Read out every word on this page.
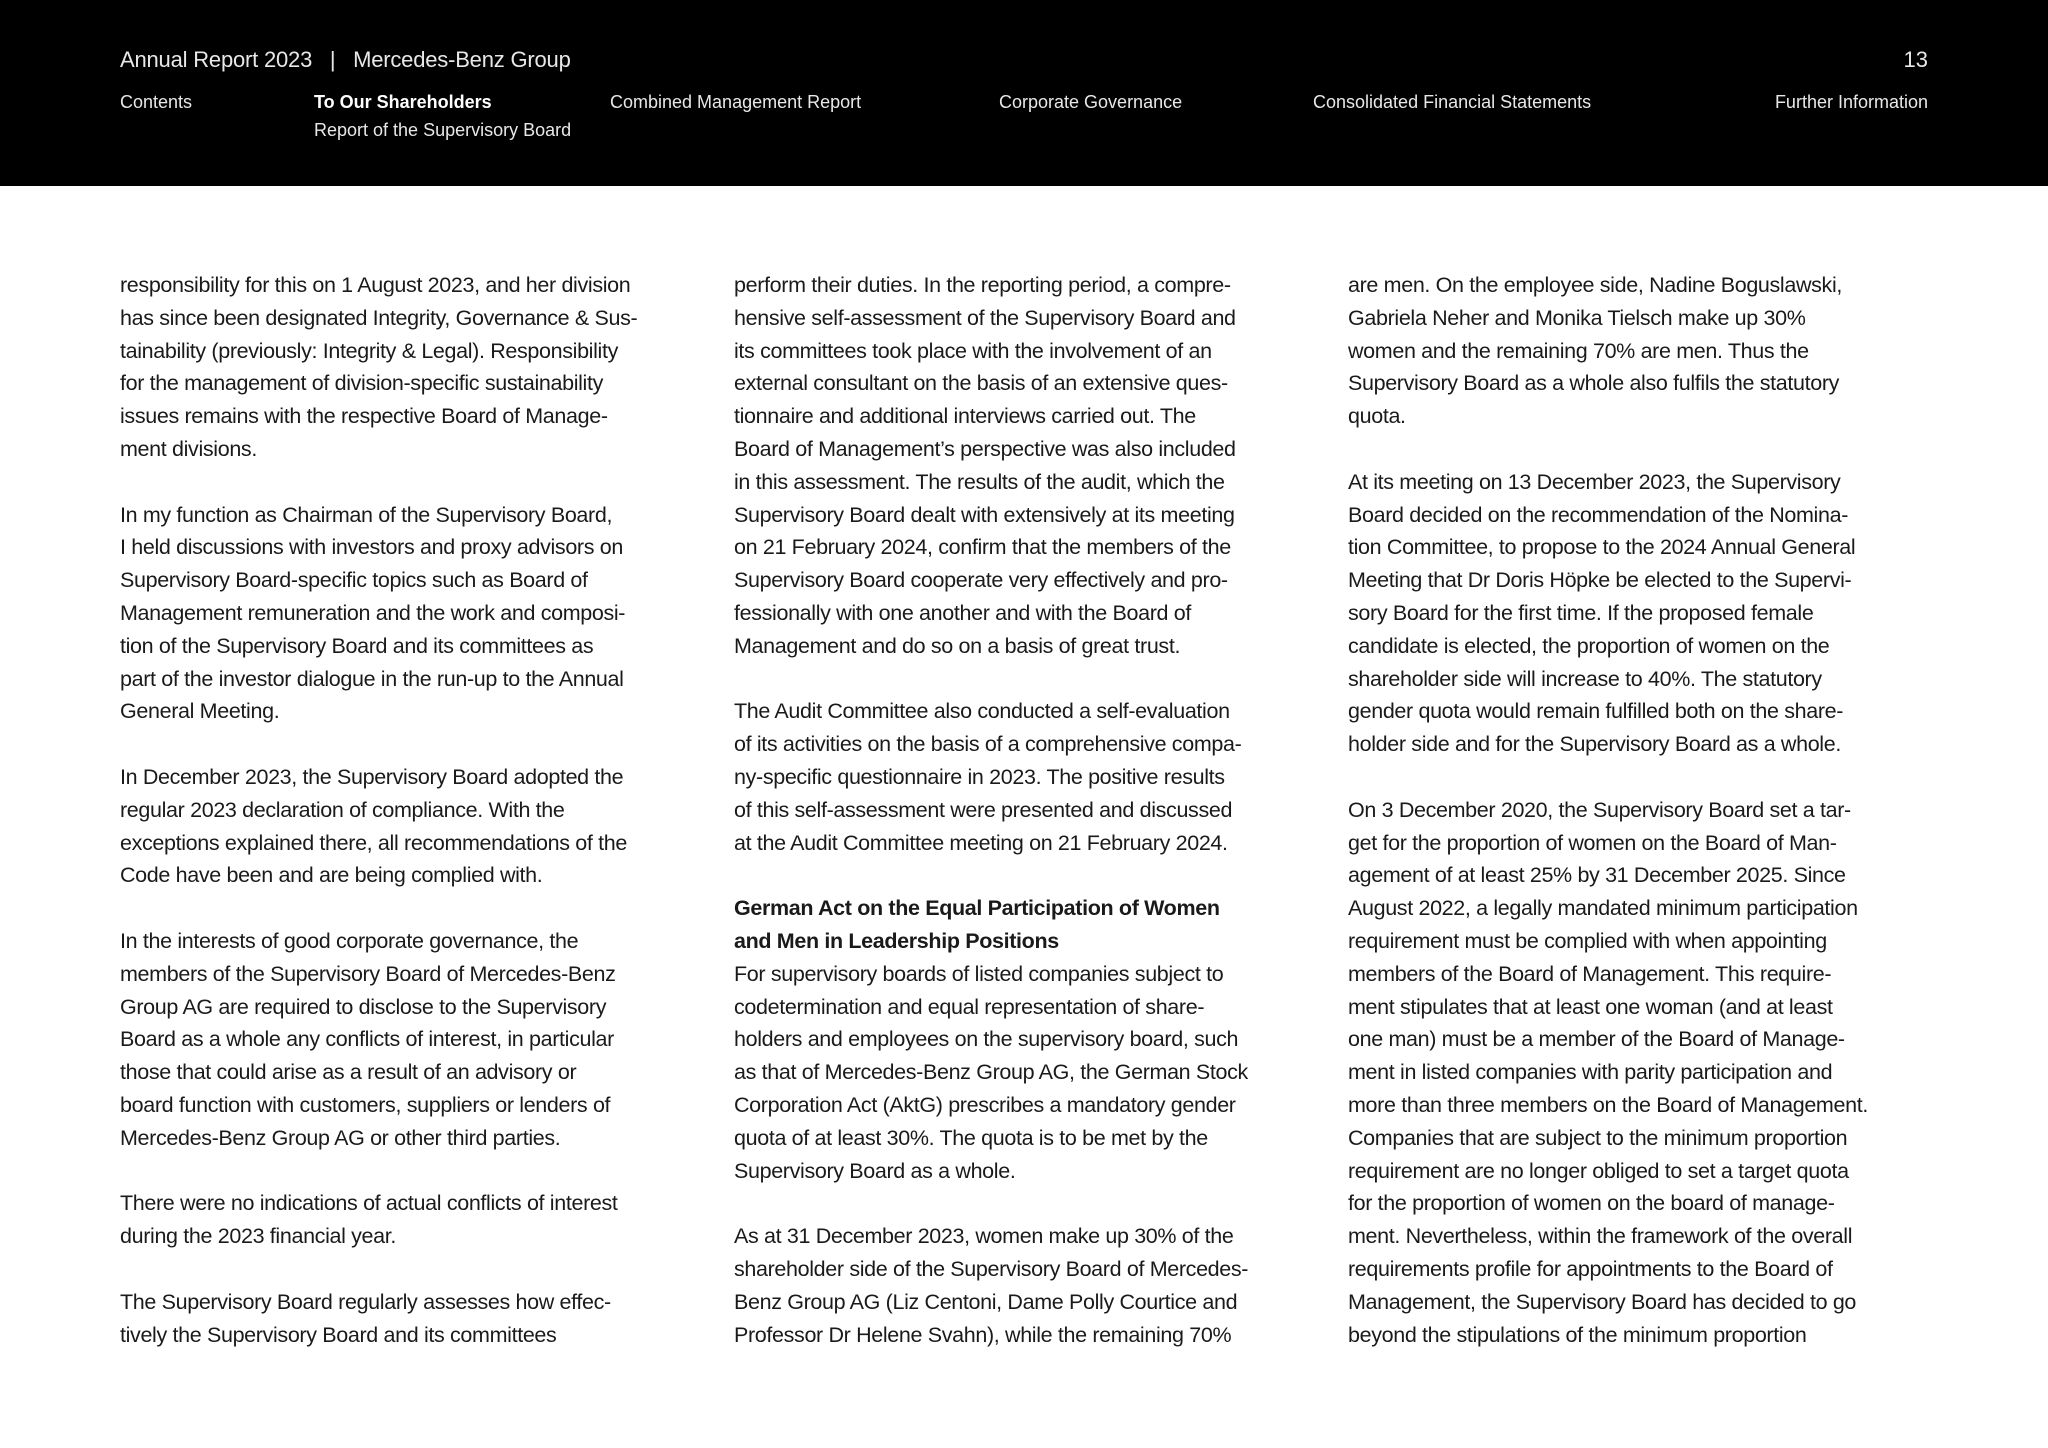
Annual Report 2023   |   Mercedes-Benz Group	13
Contents	To Our Shareholders	Combined Management Report	Corporate Governance	Consolidated Financial Statements	Further Information
Report of the Supervisory Board
responsibility for this on 1 August 2023, and her division
has since been designated Integrity, Governance & Sus-
tainability (previously: Integrity & Legal). Responsibility
for the management of division-specific sustainability
issues remains with the respective Board of Manage-
ment divisions.
In my function as Chairman of the Supervisory Board,
I held discussions with investors and proxy advisors on
Supervisory Board-specific topics such as Board of
Management remuneration and the work and composi-
tion of the Supervisory Board and its committees as
part of the investor dialogue in the run-up to the Annual
General Meeting.
In December 2023, the Supervisory Board adopted the
regular 2023 declaration of compliance. With the
exceptions explained there, all recommendations of the
Code have been and are being complied with.
In the interests of good corporate governance, the
members of the Supervisory Board of Mercedes-Benz
Group AG are required to disclose to the Supervisory
Board as a whole any conflicts of interest, in particular
those that could arise as a result of an advisory or
board function with customers, suppliers or lenders of
Mercedes-Benz Group AG or other third parties.
There were no indications of actual conflicts of interest
during the 2023 financial year.
The Supervisory Board regularly assesses how effec-
tively the Supervisory Board and its committees
perform their duties. In the reporting period, a compre-
hensive self-assessment of the Supervisory Board and
its committees took place with the involvement of an
external consultant on the basis of an extensive ques-
tionnaire and additional interviews carried out. The
Board of Management’s perspective was also included
in this assessment. The results of the audit, which the
Supervisory Board dealt with extensively at its meeting
on 21 February 2024, confirm that the members of the
Supervisory Board cooperate very effectively and pro-
fessionally with one another and with the Board of
Management and do so on a basis of great trust.
The Audit Committee also conducted a self-evaluation
of its activities on the basis of a comprehensive compa-
ny-specific questionnaire in 2023. The positive results
of this self-assessment were presented and discussed
at the Audit Committee meeting on 21 February 2024.
German Act on the Equal Participation of Women
and Men in Leadership Positions
For supervisory boards of listed companies subject to
codetermination and equal representation of share-
holders and employees on the supervisory board, such
as that of Mercedes-Benz Group AG, the German Stock
Corporation Act (AktG) prescribes a mandatory gender
quota of at least 30%. The quota is to be met by the
Supervisory Board as a whole.
As at 31 December 2023, women make up 30% of the
shareholder side of the Supervisory Board of Mercedes-
Benz Group AG (Liz Centoni, Dame Polly Courtice and
Professor Dr Helene Svahn), while the remaining 70%
are men. On the employee side, Nadine Boguslawski,
Gabriela Neher and Monika Tielsch make up 30%
women and the remaining 70% are men. Thus the
Supervisory Board as a whole also fulfils the statutory
quota.
At its meeting on 13 December 2023, the Supervisory
Board decided on the recommendation of the Nomina-
tion Committee, to propose to the 2024 Annual General
Meeting that Dr Doris Höpke be elected to the Supervi-
sory Board for the first time. If the proposed female
candidate is elected, the proportion of women on the
shareholder side will increase to 40%. The statutory
gender quota would remain fulfilled both on the share-
holder side and for the Supervisory Board as a whole.
On 3 December 2020, the Supervisory Board set a tar-
get for the proportion of women on the Board of Man-
agement of at least 25% by 31 December 2025. Since
August 2022, a legally mandated minimum participation
requirement must be complied with when appointing
members of the Board of Management. This require-
ment stipulates that at least one woman (and at least
one man) must be a member of the Board of Manage-
ment in listed companies with parity participation and
more than three members on the Board of Management.
Companies that are subject to the minimum proportion
requirement are no longer obliged to set a target quota
for the proportion of women on the board of manage-
ment. Nevertheless, within the framework of the overall
requirements profile for appointments to the Board of
Management, the Supervisory Board has decided to go
beyond the stipulations of the minimum proportion
